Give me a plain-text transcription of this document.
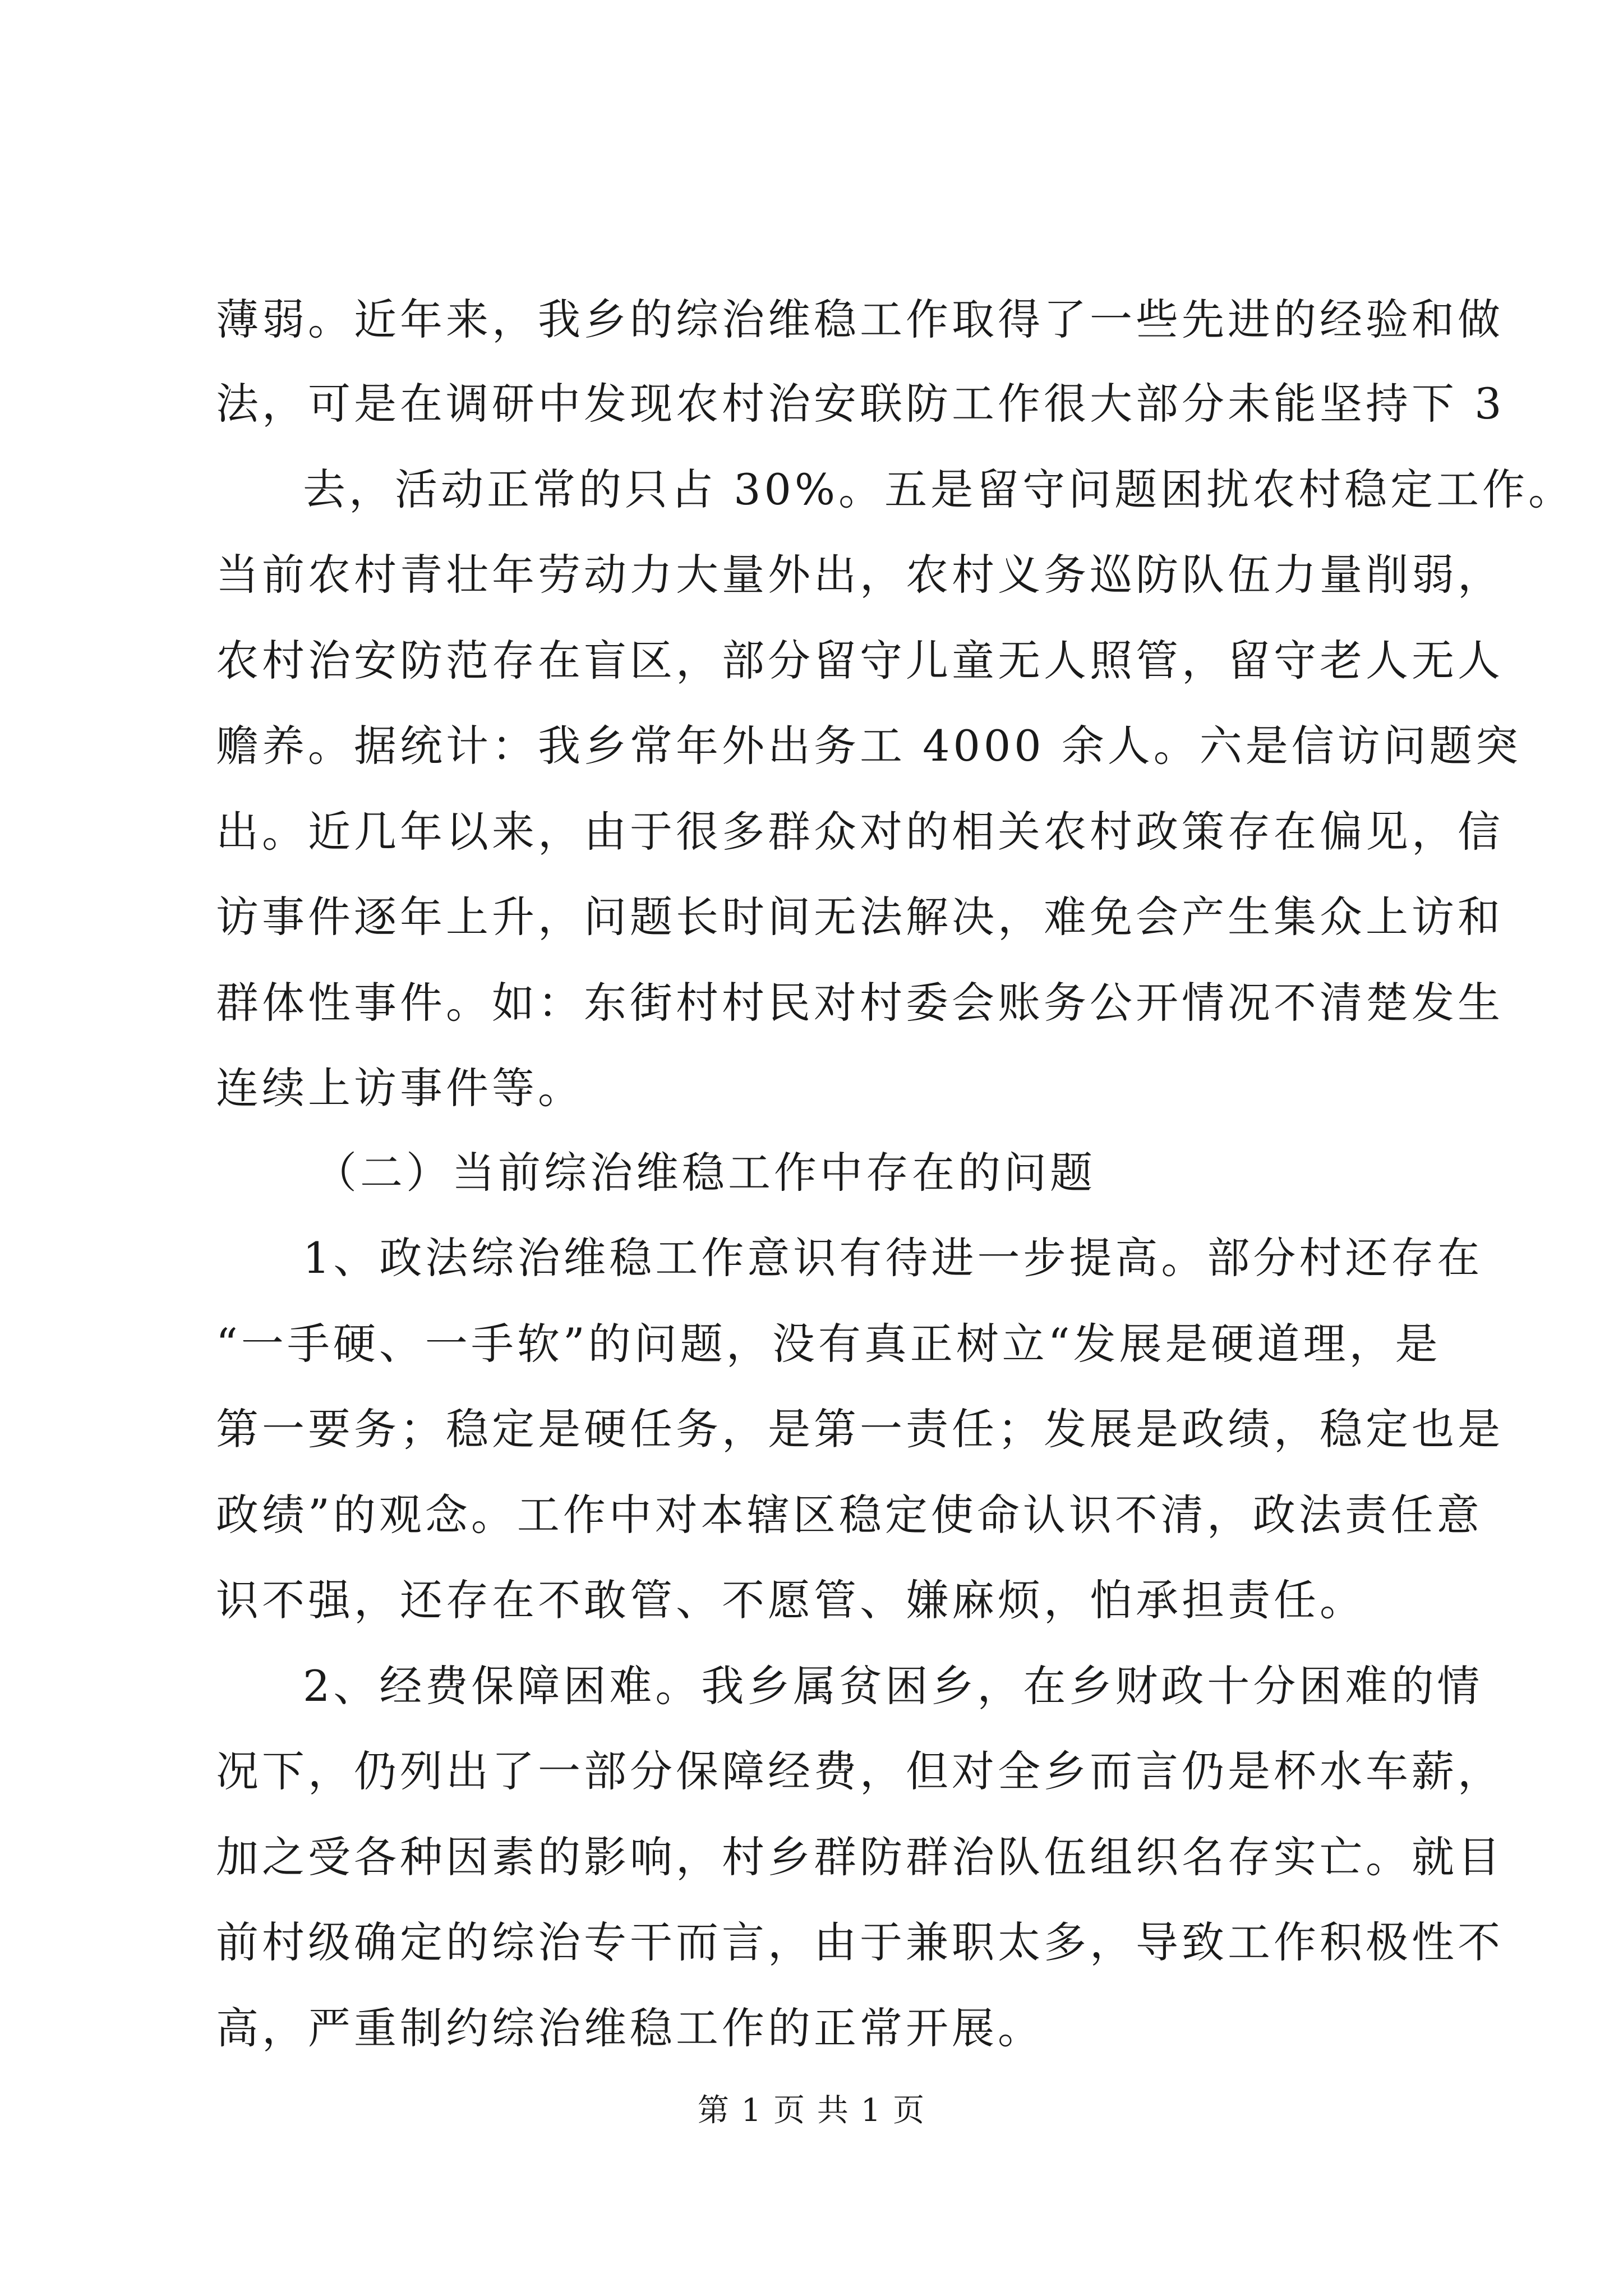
薄弱。近年来，我乡的综治维稳工作取得了一些先进的经验和做
法，可是在调研中发现农村治安联防工作很大部分未能坚持下 3
去，活动正常的只占 30%。五是留守问题困扰农村稳定工作。
当前农村青壮年劳动力大量外出，农村义务巡防队伍力量削弱，
农村治安防范存在盲区，部分留守儿童无人照管，留守老人无人
赡养。据统计：我乡常年外出务工 4000 余人。六是信访问题突
出。近几年以来，由于很多群众对的相关农村政策存在偏见，信
访事件逐年上升，问题长时间无法解决，难免会产生集众上访和
群体性事件。如：东街村村民对村委会账务公开情况不清楚发生
连续上访事件等。
（二）当前综治维稳工作中存在的问题
1、政法综治维稳工作意识有待进一步提高。部分村还存在
“一手硬、一手软”的问题，没有真正树立“发展是硬道理，是
第一要务；稳定是硬任务，是第一责任；发展是政绩，稳定也是
政绩”的观念。工作中对本辖区稳定使命认识不清，政法责任意
识不强，还存在不敢管、不愿管、嫌麻烦，怕承担责任。
2、经费保障困难。我乡属贫困乡，在乡财政十分困难的情
况下，仍列出了一部分保障经费，但对全乡而言仍是杯水车薪，
加之受各种因素的影响，村乡群防群治队伍组织名存实亡。就目
前村级确定的综治专干而言，由于兼职太多，导致工作积极性不
高，严重制约综治维稳工作的正常开展。
第 1 页 共 1 页
